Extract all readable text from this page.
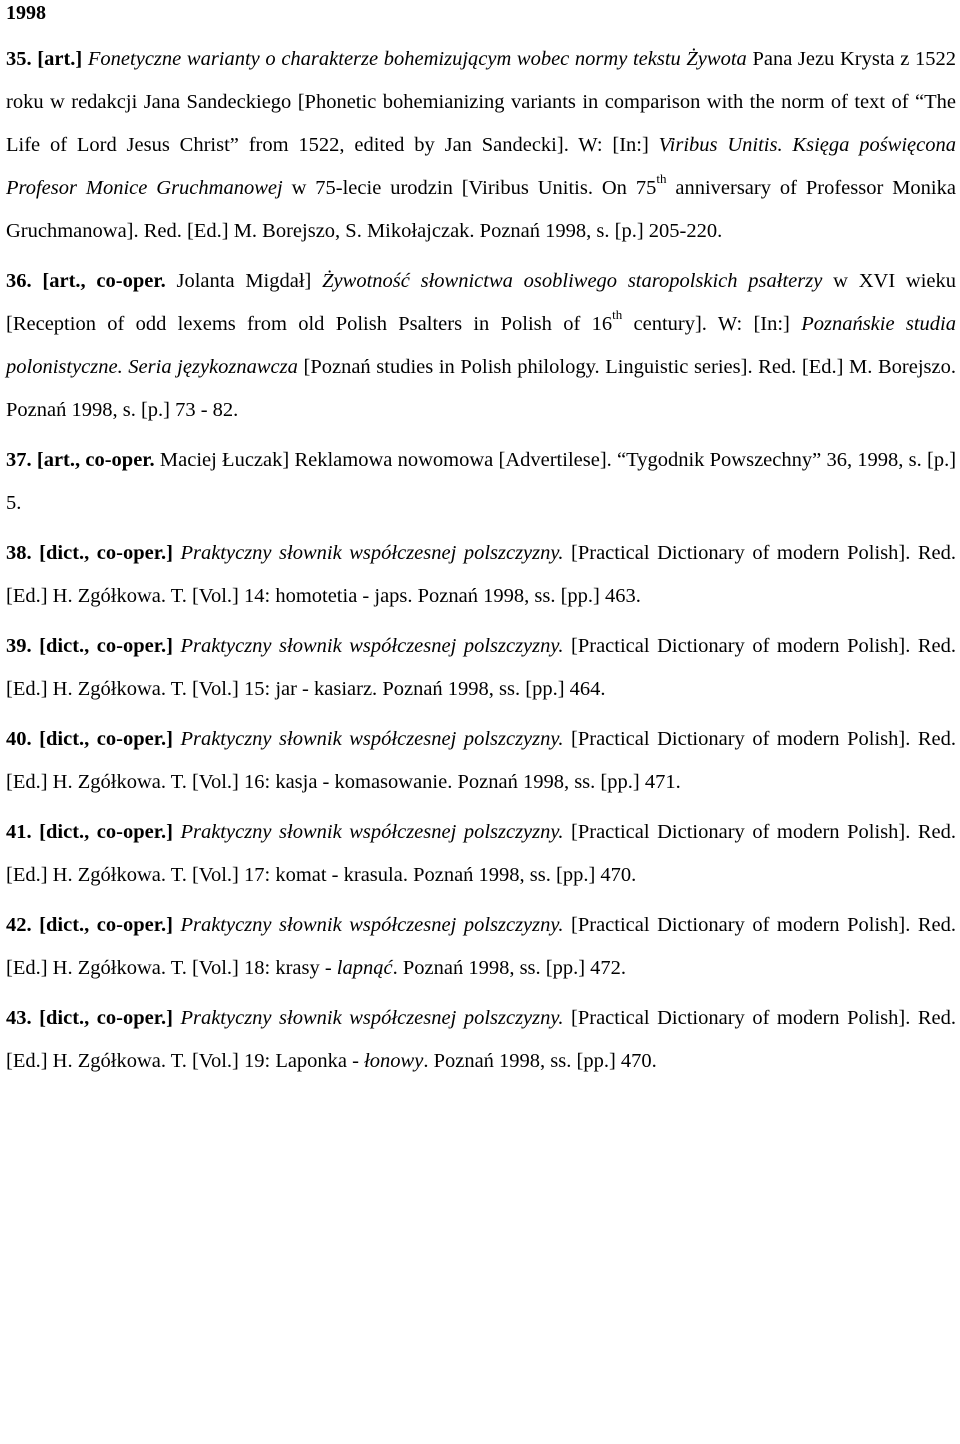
1998

35. [art.] Fonetyczne warianty o charakterze bohemizującym wobec normy tekstu Żywota Pana Jezu Krysta z 1522 roku w redakcji Jana Sandeckiego [Phonetic bohemianizing variants in comparison with the norm of text of “The Life of Lord Jesus Christ” from 1522, edited by Jan Sandecki]. W: [In:] Viribus Unitis. Księga poświęcona Profesor Monice Gruchmanowej w 75-lecie urodzin [Viribus Unitis. On 75th anniversary of Professor Monika Gruchmanowa]. Red. [Ed.] M. Borejszo, S. Mikołajczak. Poznań 1998, s. [p.] 205-220.

36. [art., co-oper. Jolanta Migdał] Żywotność słownictwa osobliwego staropolskich psałterzy w XVI wieku [Reception of odd lexems from old Polish Psalters in Polish of 16th century]. W: [In:] Poznańskie studia polonistyczne. Seria językoznawcza [Poznań studies in Polish philology. Linguistic series]. Red. [Ed.] M. Borejszo. Poznań 1998, s. [p.] 73 - 82.

37. [art., co-oper. Maciej Łuczak] Reklamowa nowomowa [Advertilese]. “Tygodnik Powszechny” 36, 1998, s. [p.] 5.

38. [dict., co-oper.] Praktyczny słownik współczesnej polszczyzny. [Practical Dictionary of modern Polish]. Red. [Ed.] H. Zgółkowa. T. [Vol.] 14: homotetia - japs. Poznań 1998, ss. [pp.] 463.

39. [dict., co-oper.] Praktyczny słownik współczesnej polszczyzny. [Practical Dictionary of modern Polish]. Red. [Ed.] H. Zgółkowa. T. [Vol.] 15: jar - kasiarz. Poznań 1998, ss. [pp.] 464.

40. [dict., co-oper.] Praktyczny słownik współczesnej polszczyzny. [Practical Dictionary of modern Polish]. Red. [Ed.] H. Zgółkowa. T. [Vol.] 16: kasja - komasowanie. Poznań 1998, ss. [pp.] 471.

41. [dict., co-oper.] Praktyczny słownik współczesnej polszczyzny. [Practical Dictionary of modern Polish]. Red. [Ed.] H. Zgółkowa. T. [Vol.] 17: komat - krasula. Poznań 1998, ss. [pp.] 470.

42. [dict., co-oper.] Praktyczny słownik współczesnej polszczyzny. [Practical Dictionary of modern Polish]. Red. [Ed.] H. Zgółkowa. T. [Vol.] 18: krasy - lapnąć. Poznań 1998, ss. [pp.] 472.

43. [dict., co-oper.] Praktyczny słownik współczesnej polszczyzny. [Practical Dictionary of modern Polish]. Red. [Ed.] H. Zgółkowa. T. [Vol.] 19: Laponka - łonowy. Poznań 1998, ss. [pp.] 470.
